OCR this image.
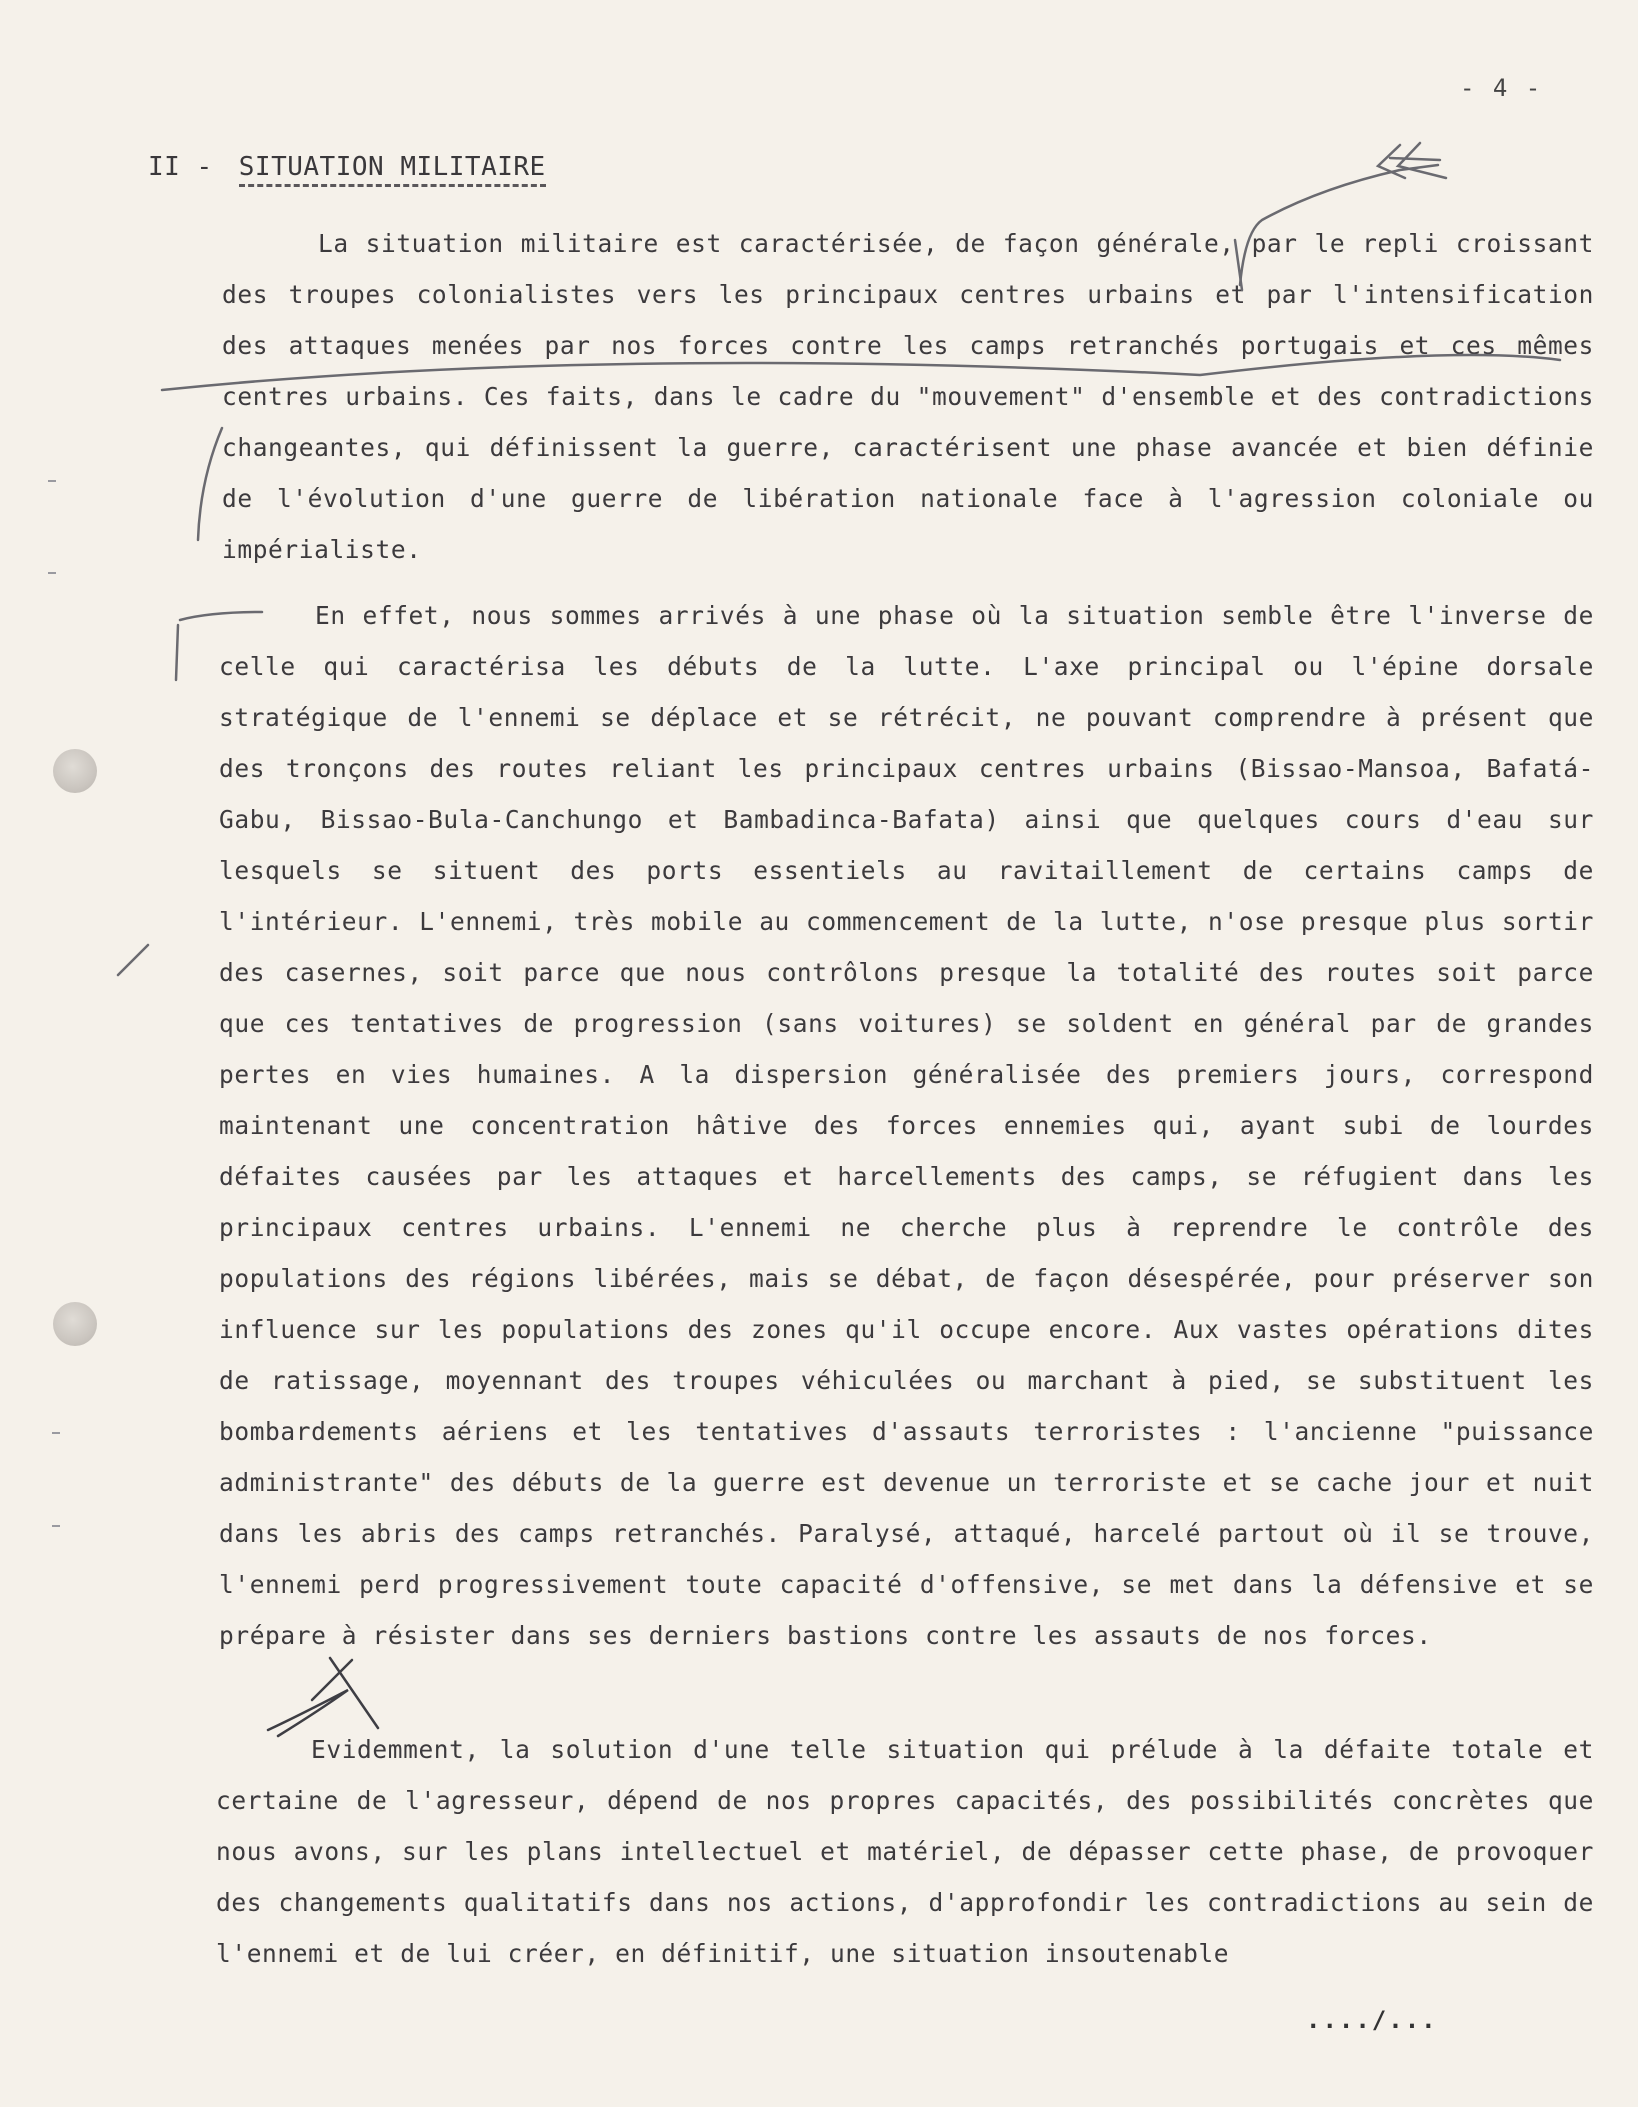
- 4 -
II - SITUATION MILITAIRE

La situation militaire est caractérisée, de façon générale, par le repli croissant des troupes colonialistes vers les principaux centres urbains et par l'intensification des attaques menées par nos forces contre les camps retranchés portugais et ces mêmes centres urbains. Ces faits, dans le cadre du "mouvement" d'ensemble et des contradictions changeantes, qui définissent la guerre, caractérisent une phase avancée et bien définie de l'évolution d'une guerre de libération nationale face à l'agression coloniale ou impérialiste.

En effet, nous sommes arrivés à une phase où la situation semble être l'inverse de celle qui caractérisa les débuts de la lutte. L'axe principal ou l'épine dorsale stratégique de l'ennemi se déplace et se rétrécit, ne pouvant comprendre à présent que des tronçons des routes reliant les principaux centres urbains (Bissao-Mansoa, Bafatá-Gabu, Bissao-Bula-Canchungo et Bambadinca-Bafata) ainsi que quelques cours d'eau sur lesquels se situent des ports essentiels au ravitaillement de certains camps de l'intérieur. L'ennemi, très mobile au commencement de la lutte, n'ose presque plus sortir des casernes, soit parce que nous contrôlons presque la totalité des routes soit parce que ces tentatives de progression (sans voitures) se soldent en général par de grandes pertes en vies humaines. A la dispersion généralisée des premiers jours, correspond maintenant une concentration hâtive des forces ennemies qui, ayant subi de lourdes défaites causées par les attaques et harcellements des camps, se réfugient dans les principaux centres urbains. L'ennemi ne cherche plus à reprendre le contrôle des populations des régions libérées, mais se débat, de façon désespérée, pour préserver son influence sur les populations des zones qu'il occupe encore. Aux vastes opérations dites de ratissage, moyennant des troupes véhiculées ou marchant à pied, se substituent les bombardements aériens et les tentatives d'assauts terroristes : l'ancienne "puissance administrante" des débuts de la guerre est devenue un terroriste et se cache jour et nuit dans les abris des camps retranchés. Paralysé, attaqué, harcelé partout où il se trouve, l'ennemi perd progressivement toute capacité d'offensive, se met dans la défensive et se prépare à résister dans ses derniers bastions contre les assauts de nos forces.

Evidemment, la solution d'une telle situation qui prélude à la défaite totale et certaine de l'agresseur, dépend de nos propres capacités, des possibilités concrètes que nous avons, sur les plans intellectuel et matériel, de dépasser cette phase, de provoquer des changements qualitatifs dans nos actions, d'approfondir les contradictions au sein de l'ennemi et de lui créer, en définitif, une situation insoutenable

..../...
